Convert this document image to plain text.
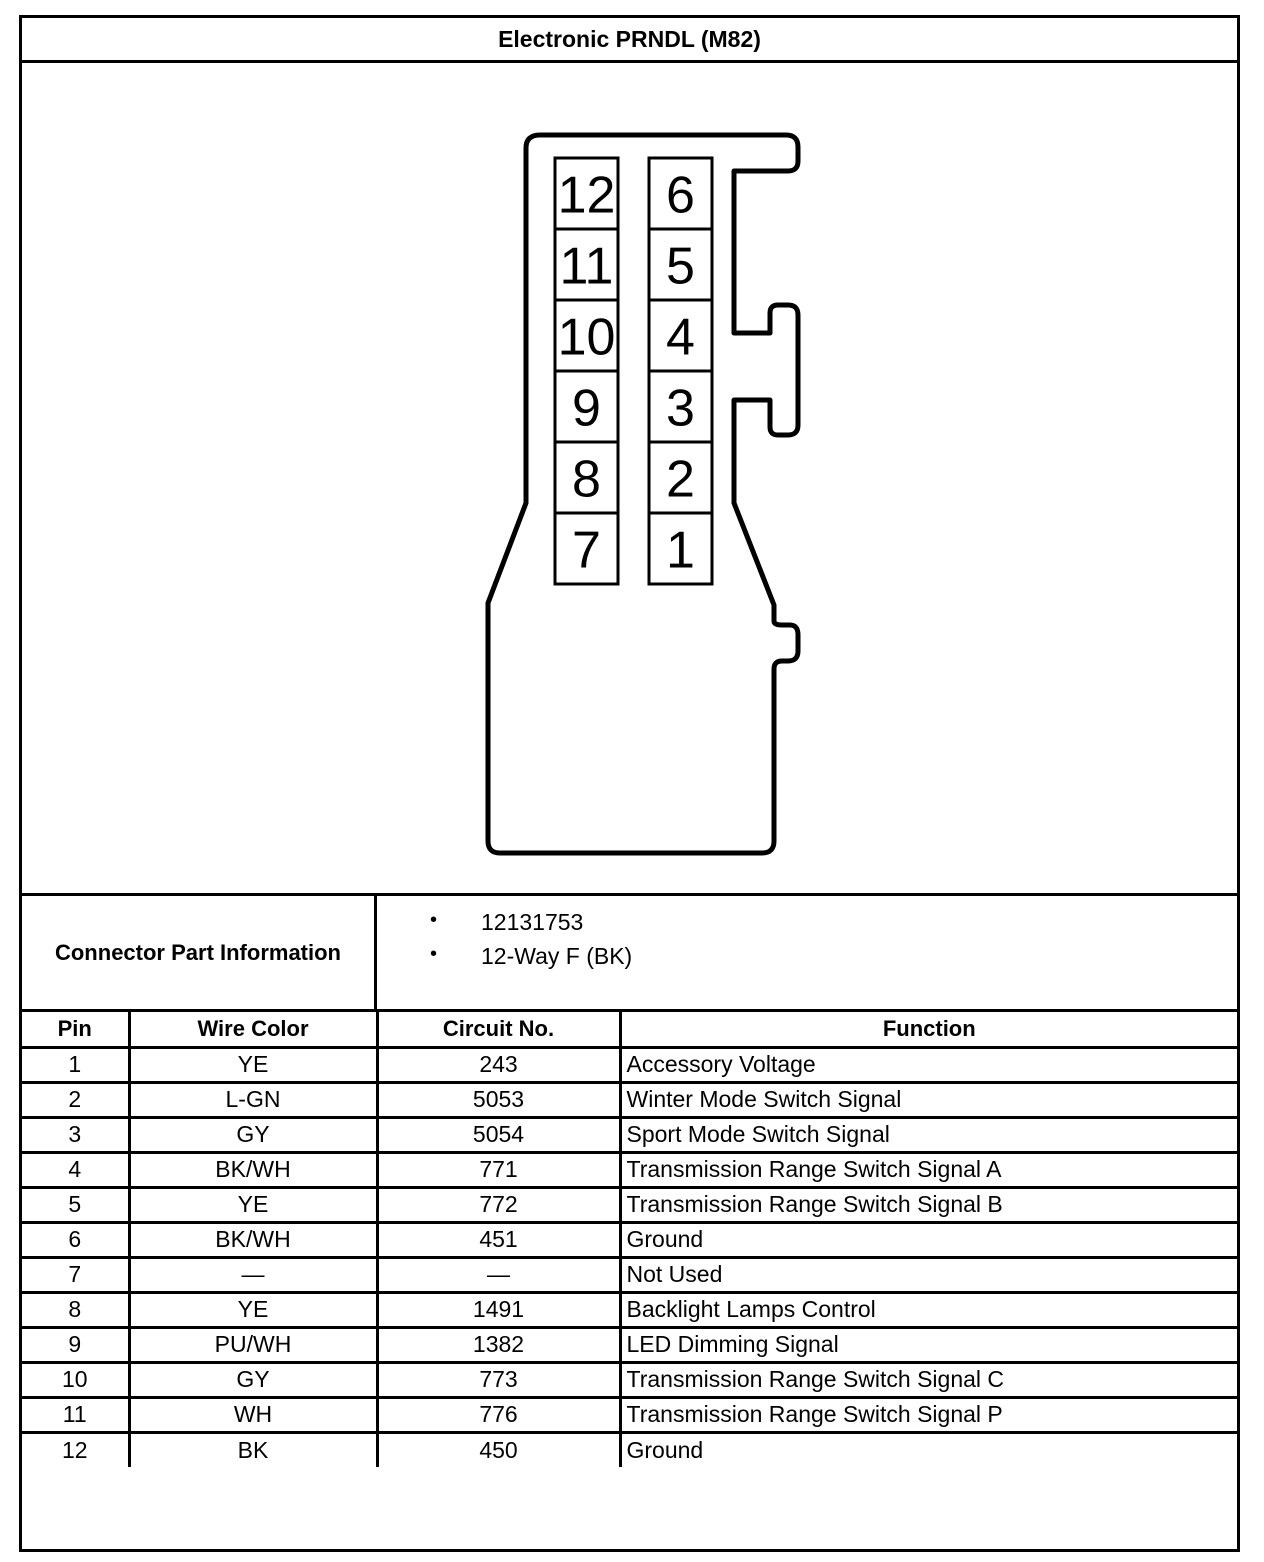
Electronic PRNDL (M82)
12
11
10
9
8
7
6
5
4
3
2
1
Connector Part Information
• 12131753
• 12-Way F (BK)
Pin	Wire Color	Circuit No.	Function
1	YE	243	Accessory Voltage
2	L-GN	5053	Winter Mode Switch Signal
3	GY	5054	Sport Mode Switch Signal
4	BK/WH	771	Transmission Range Switch Signal A
5	YE	772	Transmission Range Switch Signal B
6	BK/WH	451	Ground
7	—	—	Not Used
8	YE	1491	Backlight Lamps Control
9	PU/WH	1382	LED Dimming Signal
10	GY	773	Transmission Range Switch Signal C
11	WH	776	Transmission Range Switch Signal P
12	BK	450	Ground
